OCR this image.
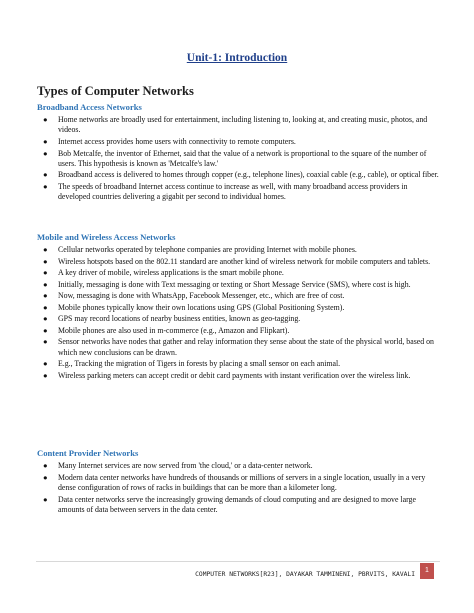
Unit-1: Introduction
Types of Computer Networks
Broadband Access Networks
● Home networks are broadly used for entertainment, including listening to, looking at, and creating music, photos, and videos.
● Internet access provides home users with connectivity to remote computers.
● Bob Metcalfe, the inventor of Ethernet, said that the value of a network is proportional to the square of the number of users. This hypothesis is known as 'Metcalfe's law.'
● Broadband access is delivered to homes through copper (e.g., telephone lines), coaxial cable (e.g., cable), or optical fiber.
● The speeds of broadband Internet access continue to increase as well, with many broadband access providers in developed countries delivering a gigabit per second to individual homes.
Mobile and Wireless Access Networks
● Cellular networks operated by telephone companies are providing Internet with mobile phones.
● Wireless hotspots based on the 802.11 standard are another kind of wireless network for mobile computers and tablets.
● A key driver of mobile, wireless applications is the smart mobile phone.
● Initially, messaging is done with Text messaging or texting or Short Message Service (SMS), where cost is high.
● Now, messaging is done with WhatsApp, Facebook Messenger, etc., which are free of cost.
● Mobile phones typically know their own locations using GPS (Global Positioning System).
● GPS may record locations of nearby business entities, known as geo-tagging.
● Mobile phones are also used in m-commerce (e.g., Amazon and Flipkart).
● Sensor networks have nodes that gather and relay information they sense about the state of the physical world, based on which new conclusions can be drawn.
● E.g., Tracking the migration of Tigers in forests by placing a small sensor on each animal.
● Wireless parking meters can accept credit or debit card payments with instant verification over the wireless link.
Content Provider Networks
● Many Internet services are now served from 'the cloud,' or a data-center network.
● Modern data center networks have hundreds of thousands or millions of servers in a single location, usually in a very dense configuration of rows of racks in buildings that can be more than a kilometer long.
● Data center networks serve the increasingly growing demands of cloud computing and are designed to move large amounts of data between servers in the data center.
COMPUTER NETWORKS[R23], DAYAKAR TAMMINENI, PBRVITS, KAVALI
1
